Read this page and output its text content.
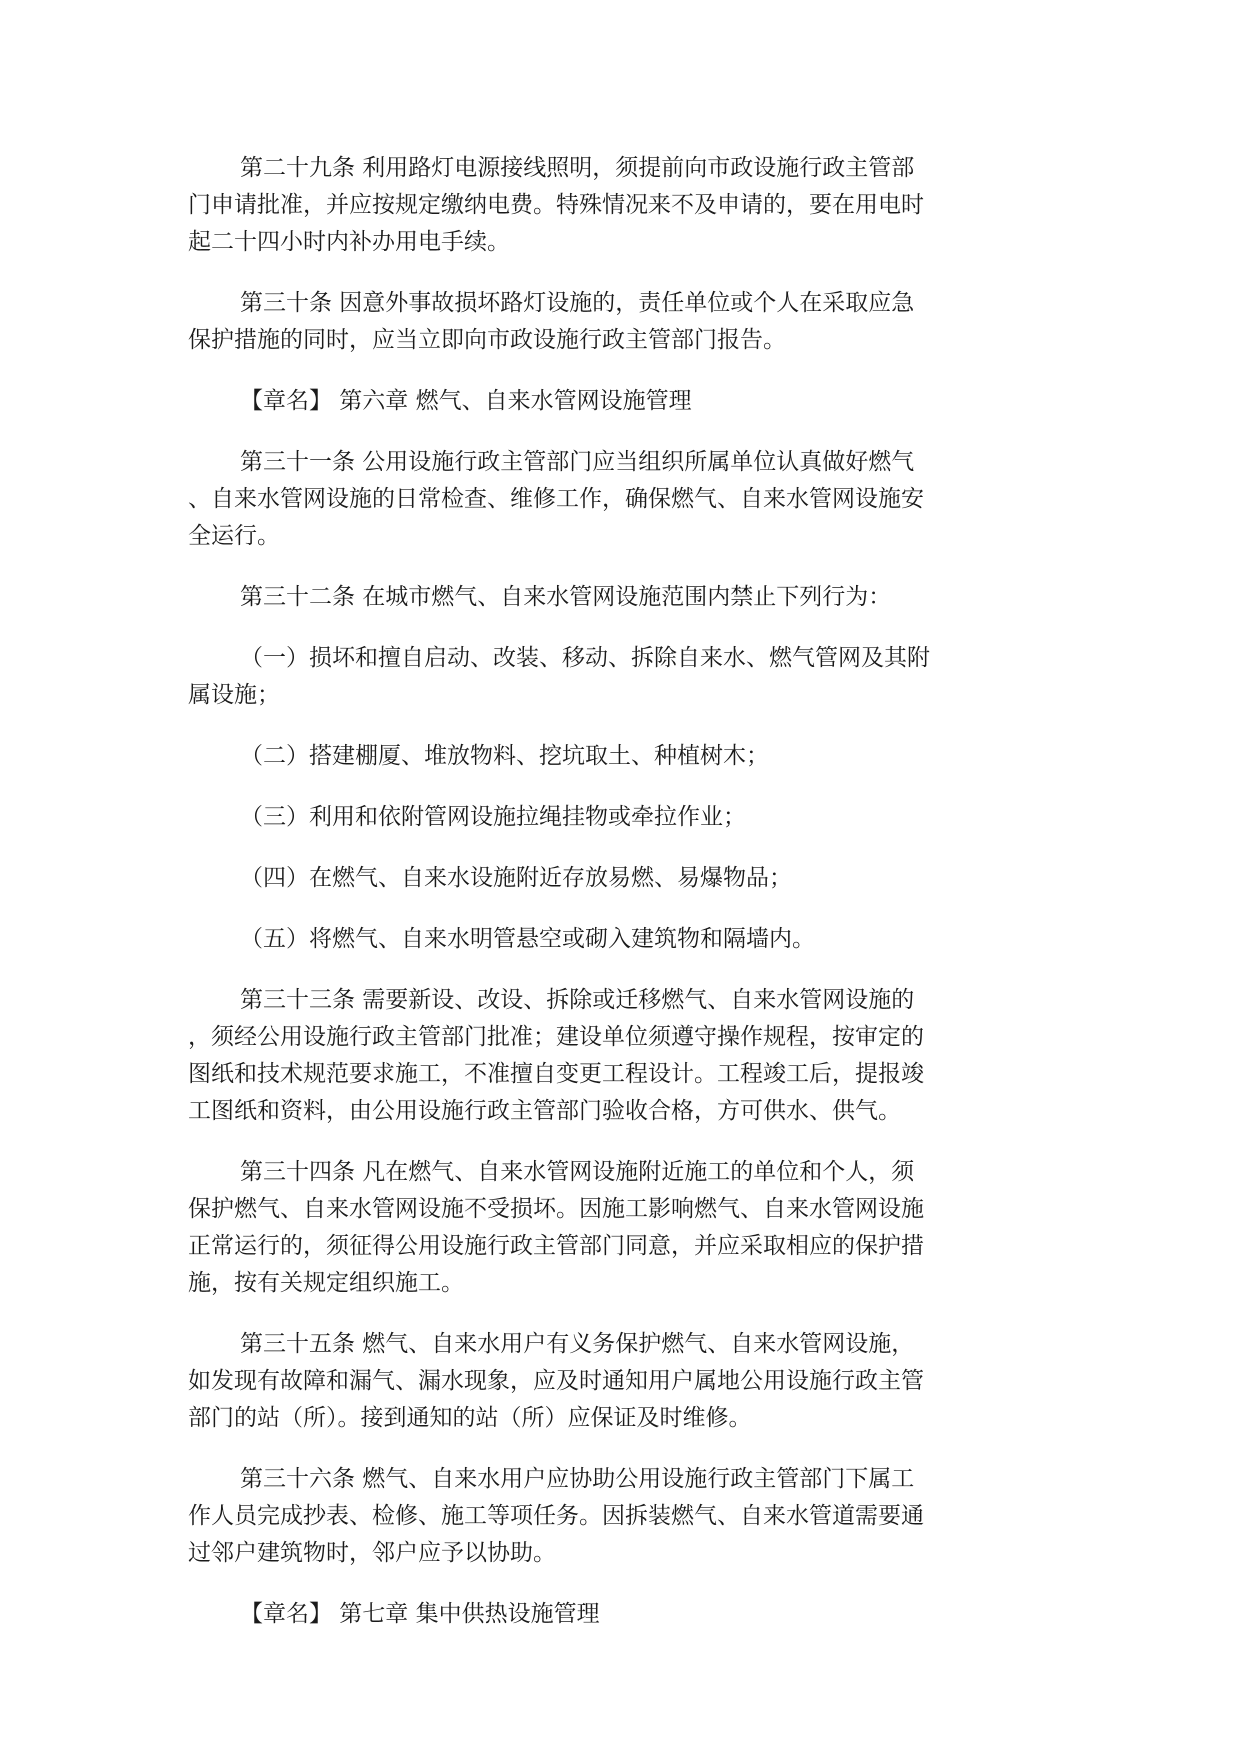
第二十九条 利用路灯电源接线照明，须提前向市政设施行政主管部
门申请批准，并应按规定缴纳电费。特殊情况来不及申请的，要在用电时
起二十四小时内补办用电手续。

第三十条 因意外事故损坏路灯设施的，责任单位或个人在采取应急
保护措施的同时，应当立即向市政设施行政主管部门报告。

【章名】 第六章 燃气、自来水管网设施管理

第三十一条 公用设施行政主管部门应当组织所属单位认真做好燃气
、自来水管网设施的日常检查、维修工作，确保燃气、自来水管网设施安
全运行。

第三十二条 在城市燃气、自来水管网设施范围内禁止下列行为：

（一）损坏和擅自启动、改装、移动、拆除自来水、燃气管网及其附
属设施；

（二）搭建棚厦、堆放物料、挖坑取土、种植树木；

（三）利用和依附管网设施拉绳挂物或牵拉作业；

（四）在燃气、自来水设施附近存放易燃、易爆物品；

（五）将燃气、自来水明管悬空或砌入建筑物和隔墙内。

第三十三条 需要新设、改设、拆除或迁移燃气、自来水管网设施的
，须经公用设施行政主管部门批准；建设单位须遵守操作规程，按审定的
图纸和技术规范要求施工，不准擅自变更工程设计。工程竣工后，提报竣
工图纸和资料，由公用设施行政主管部门验收合格，方可供水、供气。

第三十四条 凡在燃气、自来水管网设施附近施工的单位和个人，须
保护燃气、自来水管网设施不受损坏。因施工影响燃气、自来水管网设施
正常运行的，须征得公用设施行政主管部门同意，并应采取相应的保护措
施，按有关规定组织施工。

第三十五条 燃气、自来水用户有义务保护燃气、自来水管网设施，
如发现有故障和漏气、漏水现象，应及时通知用户属地公用设施行政主管
部门的站（所）。接到通知的站（所）应保证及时维修。

第三十六条 燃气、自来水用户应协助公用设施行政主管部门下属工
作人员完成抄表、检修、施工等项任务。因拆装燃气、自来水管道需要通
过邻户建筑物时，邻户应予以协助。

【章名】 第七章 集中供热设施管理
